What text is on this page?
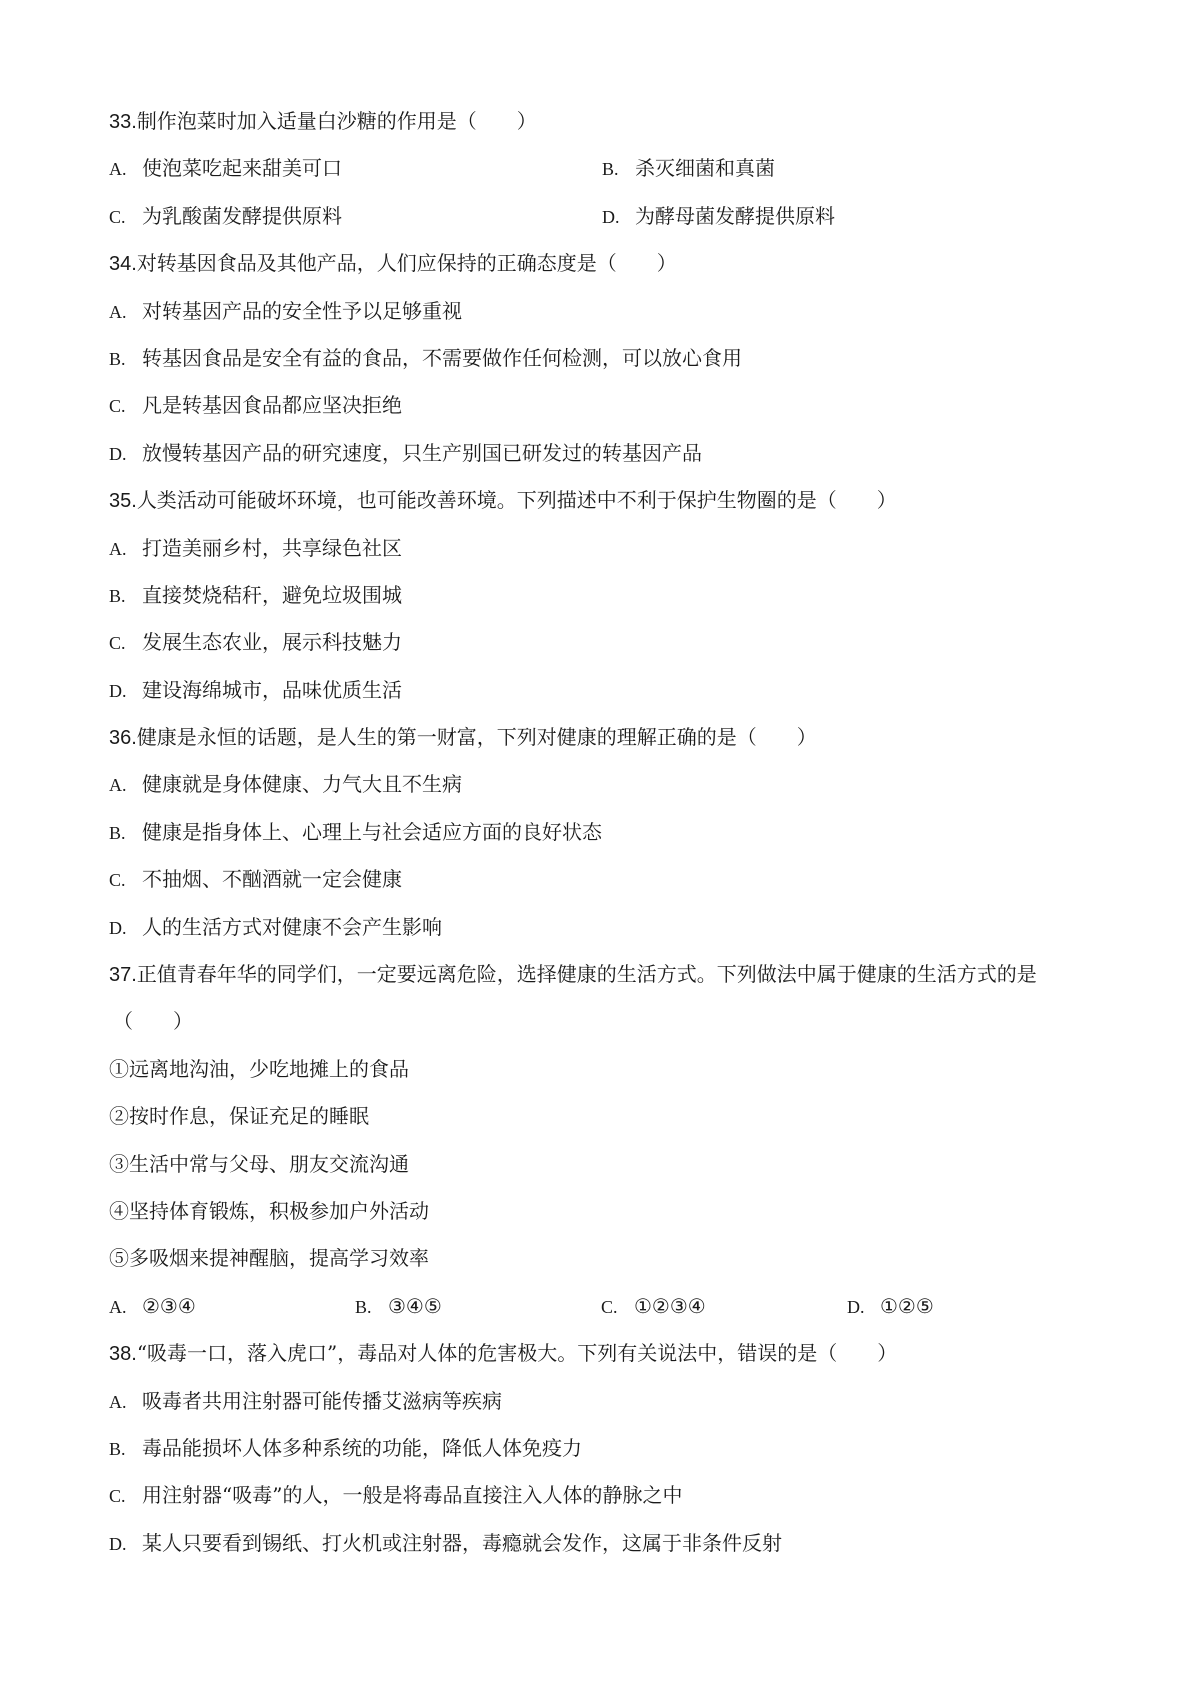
33.制作泡菜时加入适量白沙糖的作用是（　　）
A. 使泡菜吃起来甜美可口	B. 杀灭细菌和真菌
C. 为乳酸菌发酵提供原料	D. 为酵母菌发酵提供原料
34.对转基因食品及其他产品，人们应保持的正确态度是（　　）
A. 对转基因产品的安全性予以足够重视
B. 转基因食品是安全有益的食品，不需要做作任何检测，可以放心食用
C. 凡是转基因食品都应坚决拒绝
D. 放慢转基因产品的研究速度，只生产别国已研发过的转基因产品
35.人类活动可能破坏环境，也可能改善环境。下列描述中不利于保护生物圈的是（　　）
A. 打造美丽乡村，共享绿色社区
B. 直接焚烧秸秆，避免垃圾围城
C. 发展生态农业，展示科技魅力
D. 建设海绵城市，品味优质生活
36.健康是永恒的话题，是人生的第一财富，下列对健康的理解正确的是（　　）
A. 健康就是身体健康、力气大且不生病
B. 健康是指身体上、心理上与社会适应方面的良好状态
C. 不抽烟、不酗酒就一定会健康
D. 人的生活方式对健康不会产生影响
37.正值青春年华的同学们，一定要远离危险，选择健康的生活方式。下列做法中属于健康的生活方式的是
（　　）
①远离地沟油，少吃地摊上的食品
②按时作息，保证充足的睡眠
③生活中常与父母、朋友交流沟通
④坚持体育锻炼，积极参加户外活动
⑤多吸烟来提神醒脑，提高学习效率
A. ②③④	B. ③④⑤	C. ①②③④	D. ①②⑤
38.“吸毒一口，落入虎口”，毒品对人体的危害极大。下列有关说法中，错误的是（　　）
A. 吸毒者共用注射器可能传播艾滋病等疾病
B. 毒品能损坏人体多种系统的功能，降低人体免疫力
C. 用注射器“吸毒”的人，一般是将毒品直接注入人体的静脉之中
D. 某人只要看到锡纸、打火机或注射器，毒瘾就会发作，这属于非条件反射
